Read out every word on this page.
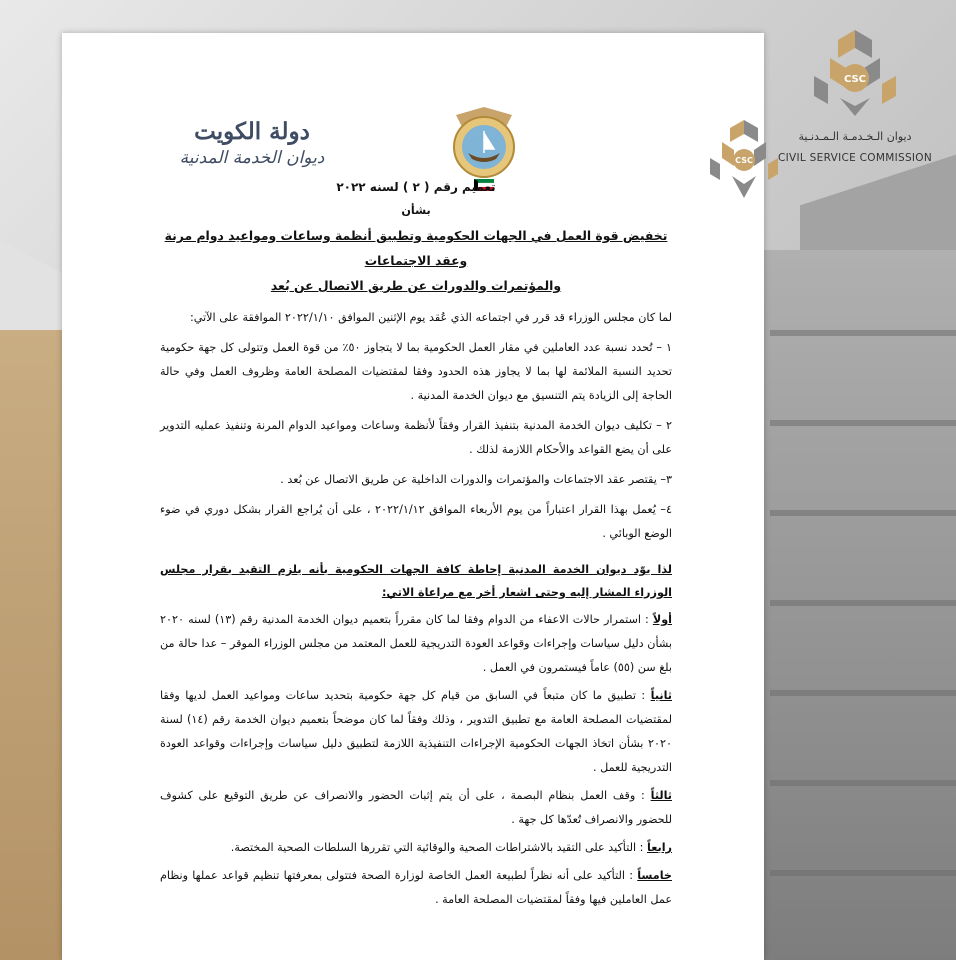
CSC
ديوان الـخـدمـة الـمـدنـية
CIVIL SERVICE COMMISSION
CSC
دولة الكويت
ديوان الخدمة المدنية

تعميم رقم ( ٢ ) لسنه ٢٠٢٢

بشأن

تخفيض قوة العمل في الجهات الحكومية وتطبيق أنظمة وساعات ومواعيد دوام مرنة وعقد الاجتماعات

والمؤتمرات والدورات عن طريق الاتصال عن بُعد

لما كان مجلس الوزراء قد قرر في اجتماعه الذي عُقد يوم الإثنين الموافق ٢٠٢٢/١/١٠ الموافقة على الآتي:

١ – تُحدد نسبة عدد العاملين في مقار العمل الحكومية بما لا يتجاوز ٥٠٪ من قوة العمل وتتولى كل جهة حكومية تحديد النسبة الملائمة لها بما لا يجاوز هذه الحدود وفقا لمقتضيات المصلحة العامة وظروف العمل وفي حالة الحاجة إلى الزيادة يتم التنسيق مع ديوان الخدمة المدنية .

٢ – تكليف ديوان الخدمة المدنية بتنفيذ القرار وفقاً لأنظمة وساعات ومواعيد الدوام المرنة وتنفيذ عمليه التدوير على أن يضع القواعد والأحكام اللازمة لذلك .

٣– يقتصر عقد الاجتماعات والمؤتمرات والدورات الداخلية عن طريق الاتصال عن بُعد .

٤– يُعمل بهذا القرار اعتباراً من يوم الأربعاء الموافق ٢٠٢٢/١/١٢ ، على أن يُراجع القرار بشكل دوري في ضوء الوضع الوبائي .

لذا يوّد ديوان الخدمة المدنية إحاطة كافة الجهات الحكومية بأنه يلزم التقيد بقرار مجلس الوزراء المشار إليه وحتى اشعار أخر مع مراعاة الاتي:

أولاً : استمرار حالات الاعفاء من الدوام وفقا لما كان مقرراً بتعميم ديوان الخدمة المدنية رقم (١٣) لسنه ٢٠٢٠ بشأن دليل سياسات وإجراءات وقواعد العودة التدريجية للعمل المعتمد من مجلس الوزراء الموقر – عدا حالة من بلغ سن (٥٥) عاماً فيستمرون في العمل .

ثانياً : تطبيق ما كان متبعاً في السابق من قيام كل جهة حكومية بتحديد ساعات ومواعيد العمل لديها وفقا لمقتضيات المصلحة العامة مع تطبيق التدوير ، وذلك وفقاً لما كان موضحاً بتعميم ديوان الخدمة رقم (١٤) لسنة ٢٠٢٠ بشأن اتخاذ الجهات الحكومية الإجراءات التنفيذية اللازمة لتطبيق دليل سياسات وإجراءات وقواعد العودة التدريجية للعمل .

ثالثاً : وقف العمل بنظام البصمة ، على أن يتم إثبات الحضور والانصراف عن طريق التوقيع على كشوف للحضور والانصراف تُعدّها كل جهة .

رابعاً : التأكيد على التقيد بالاشتراطات الصحية والوقائية التي تقررها السلطات الصحية المختصة.

خامساً : التأكيد على أنه نظراً لطبيعة العمل الخاصة لوزارة الصحة فتتولى بمعرفتها تنظيم قواعد عملها ونظام عمل العاملين فيها وفقاً لمقتضيات المصلحة العامة .
